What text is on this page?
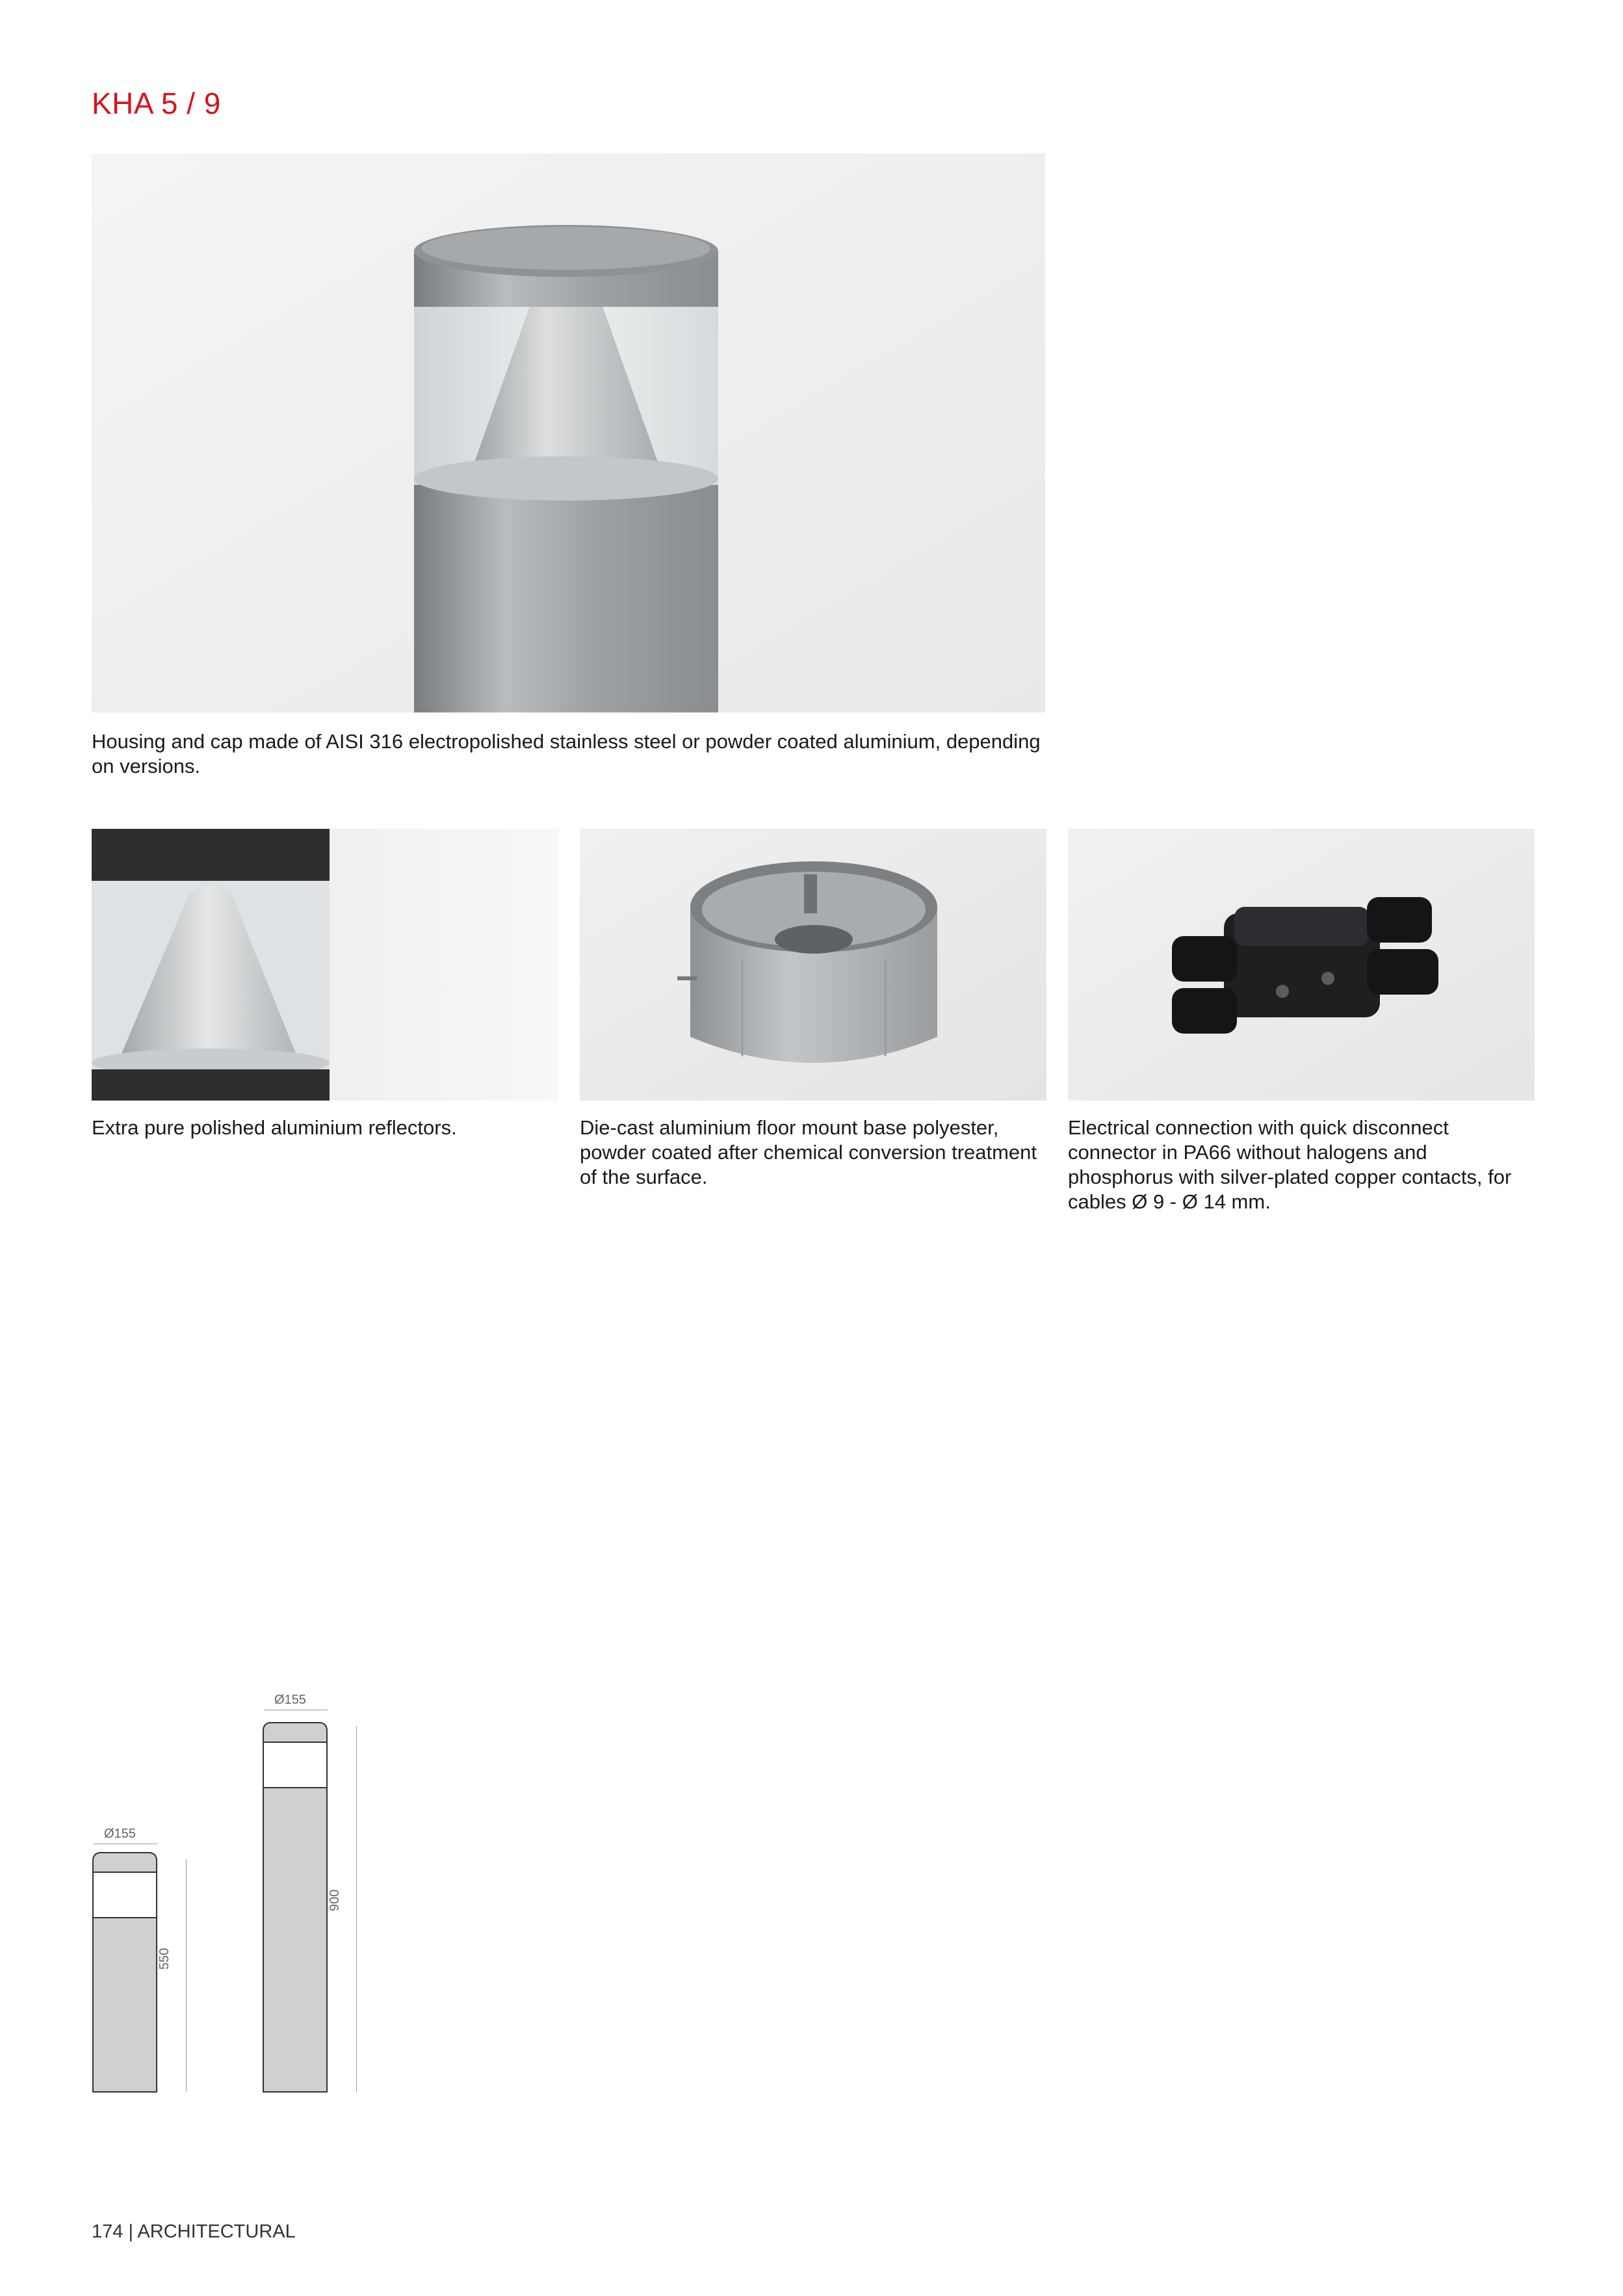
KHA 5 / 9
Housing and cap made of AISI 316 electropolished stainless steel or powder coated aluminium, depending on versions.
Extra pure polished aluminium reflectors.	Die-cast aluminium floor mount base polyester, powder coated after chemical conversion treatment of the surface.
Electrical connection with quick disconnect connector in PA66 without halogens and phosphorus with silver-plated copper contacts, for cables Ø 9 - Ø 14 mm.
Ø155
550
Ø155
900
174 | ARCHITECTURAL
